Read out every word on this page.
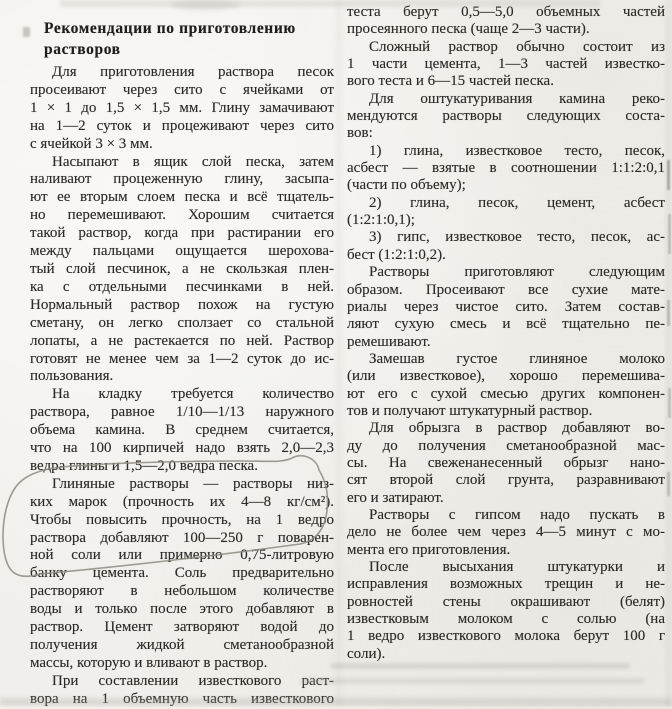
Рекомендации по приготовлению
растворов
Для приготовления раствора песок
просеивают через сито с ячейками от
1 × 1 до 1,5 × 1,5 мм. Глину замачивают
на 1—2 суток и процеживают через сито
с ячейкой 3 × 3 мм.
Насыпают в ящик слой песка, затем
наливают процеженную глину, засыпа-
ют ее вторым слоем песка и всё тщатель-
но перемешивают. Хорошим считается
такой раствор, когда при растирании его
между пальцами ощущается шерохова-
тый слой песчинок, а не скользкая плен-
ка с отдельными песчинками в ней.
Нормальный раствор похож на густую
сметану, он легко сползает со стальной
лопаты, а не растекается по ней. Раствор
готовят не менее чем за 1—2 суток до ис-
пользования.
На кладку требуется количество
раствора, равное 1/10—1/13 наружного
объема камина. В среднем считается,
что на 100 кирпичей надо взять 2,0—2,3
ведра глины и 1,5—2,0 ведра песка.
Глиняные растворы — растворы низ-
ких марок (прочность их 4—8 кг/см²).
Чтобы повысить прочность, на 1 ведро
раствора добавляют 100—250 г поварен-
ной соли или примерно 0,75-литровую
банку цемента. Соль предварительно
растворяют в небольшом количестве
воды и только после этого добавляют в
раствор. Цемент затворяют водой до
получения жидкой сметанообразной
массы, которую и вливают в раствор.
При составлении известкового раст-
вора на 1 объемную часть известкового
теста берут 0,5—5,0 объемных частей
просеянного песка (чаще 2—3 части).
Сложный раствор обычно состоит из
1 части цемента, 1—3 частей известко-
вого теста и 6—15 частей песка.
Для оштукатуривания камина реко-
мендуются растворы следующих соста-
вов:
1) глина, известковое тесто, песок,
асбест — взятые в соотношении 1:1:2:0,1
(части по объему);
2) глина, песок, цемент, асбест
(1:2:1:0,1);
3) гипс, известковое тесто, песок, ас-
бест (1:2:1:0,2).
Растворы приготовляют следующим
образом. Просеивают все сухие мате-
риалы через чистое сито. Затем состав-
ляют сухую смесь и всё тщательно пе-
ремешивают.
Замешав густое глиняное молоко
(или известковое), хорошо перемешива-
ют его с сухой смесью других компонен-
тов и получают штукатурный раствор.
Для обрызга в раствор добавляют во-
ду до получения сметанообразной мас-
сы. На свеженанесенный обрызг нано-
сят второй слой грунта, разравнивают
его и затирают.
Растворы с гипсом надо пускать в
дело не более чем через 4—5 минут с мо-
мента его приготовления.
После высыхания штукатурки и
исправления возможных трещин и не-
ровностей стены окрашивают (белят)
известковым молоком с солью (на
1 ведро известкового молока берут 100 г
соли).
